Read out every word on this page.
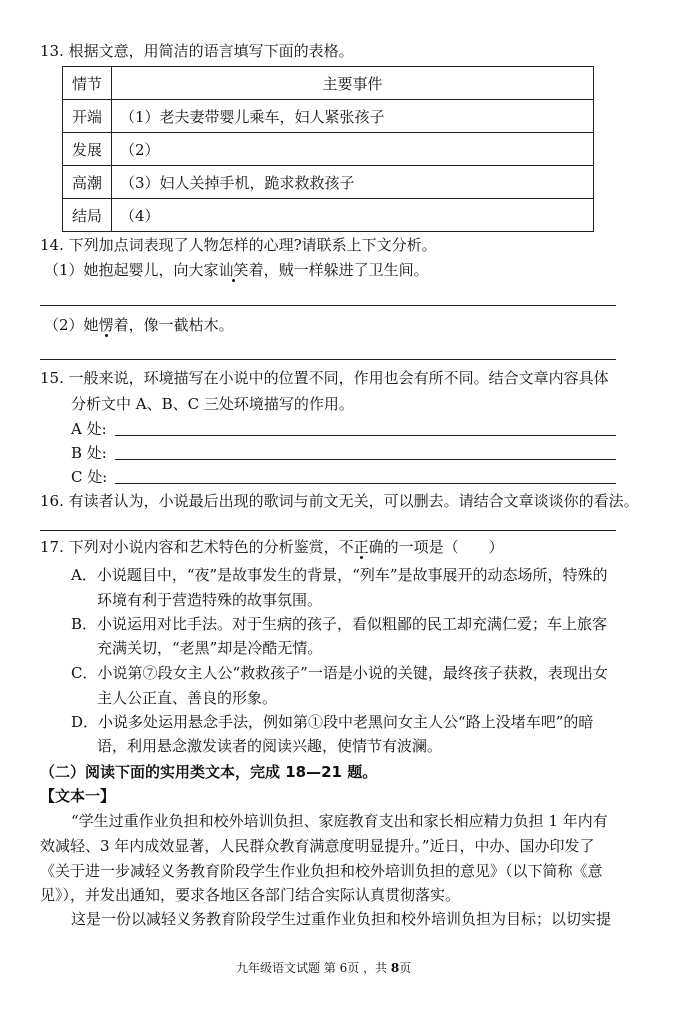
13. 根据文意，用简洁的语言填写下面的表格。
情节	主要事件
开端	（1）老夫妻带婴儿乘车，妇人紧张孩子
发展	（2）
高潮	（3）妇人关掉手机，跪求救救孩子
结局	（4）
14. 下列加点词表现了人物怎样的心理?请联系上下文分析。
（1）她抱起婴儿，向大家讪笑着，贼一样躲进了卫生间。
（2）她愣着，像一截枯木。
15. 一般来说，环境描写在小说中的位置不同，作用也会有所不同。结合文章内容具体
分析文中 A、B、C 三处环境描写的作用。
A 处:
B 处:
C 处:
16. 有读者认为，小说最后出现的歌词与前文无关，可以删去。请结合文章谈谈你的看法。
17. 下列对小说内容和艺术特色的分析鉴赏，不正确的一项是（　　）
A．小说题目中，“夜”是故事发生的背景，“列车”是故事展开的动态场所，特殊的
环境有利于营造特殊的故事氛围。
B．小说运用对比手法。对于生病的孩子，看似粗鄙的民工却充满仁爱；车上旅客
充满关切，“老黑”却是冷酷无情。
C．小说第⑦段女主人公“救救孩子”一语是小说的关键，最终孩子获救，表现出女
主人公正直、善良的形象。
D．小说多处运用悬念手法，例如第①段中老黑问女主人公“路上没堵车吧”的暗
语，利用悬念激发读者的阅读兴趣，使情节有波澜。
（二）阅读下面的实用类文本，完成 18—21 题。
【文本一】
“学生过重作业负担和校外培训负担、家庭教育支出和家长相应精力负担 1 年内有
效减轻、3 年内成效显著，人民群众教育满意度明显提升。”近日，中办、国办印发了
《关于进一步减轻义务教育阶段学生作业负担和校外培训负担的意见》（以下简称《意
见》），并发出通知，要求各地区各部门结合实际认真贯彻落实。
这是一份以减轻义务教育阶段学生过重作业负担和校外培训负担为目标；以切实提
九年级语文试题 第 6页 ，共 8页
